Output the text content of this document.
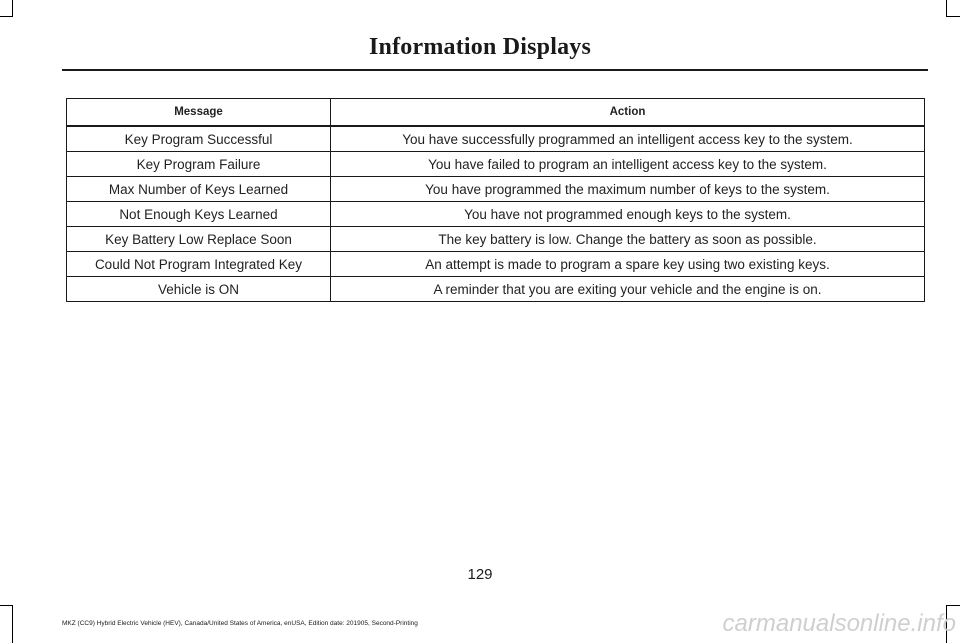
Information Displays
Message	Action
Key Program Successful	You have successfully programmed an intelligent access key to the system.
Key Program Failure	You have failed to program an intelligent access key to the system.
Max Number of Keys Learned	You have programmed the maximum number of keys to the system.
Not Enough Keys Learned	You have not programmed enough keys to the system.
Key Battery Low Replace Soon	The key battery is low. Change the battery as soon as possible.
Could Not Program Integrated Key	An attempt is made to program a spare key using two existing keys.
Vehicle is ON	A reminder that you are exiting your vehicle and the engine is on.
129
MKZ (CC9) Hybrid Electric Vehicle (HEV), Canada/United States of America, enUSA, Edition date: 201905, Second-Printing	carmanualsonline.info
